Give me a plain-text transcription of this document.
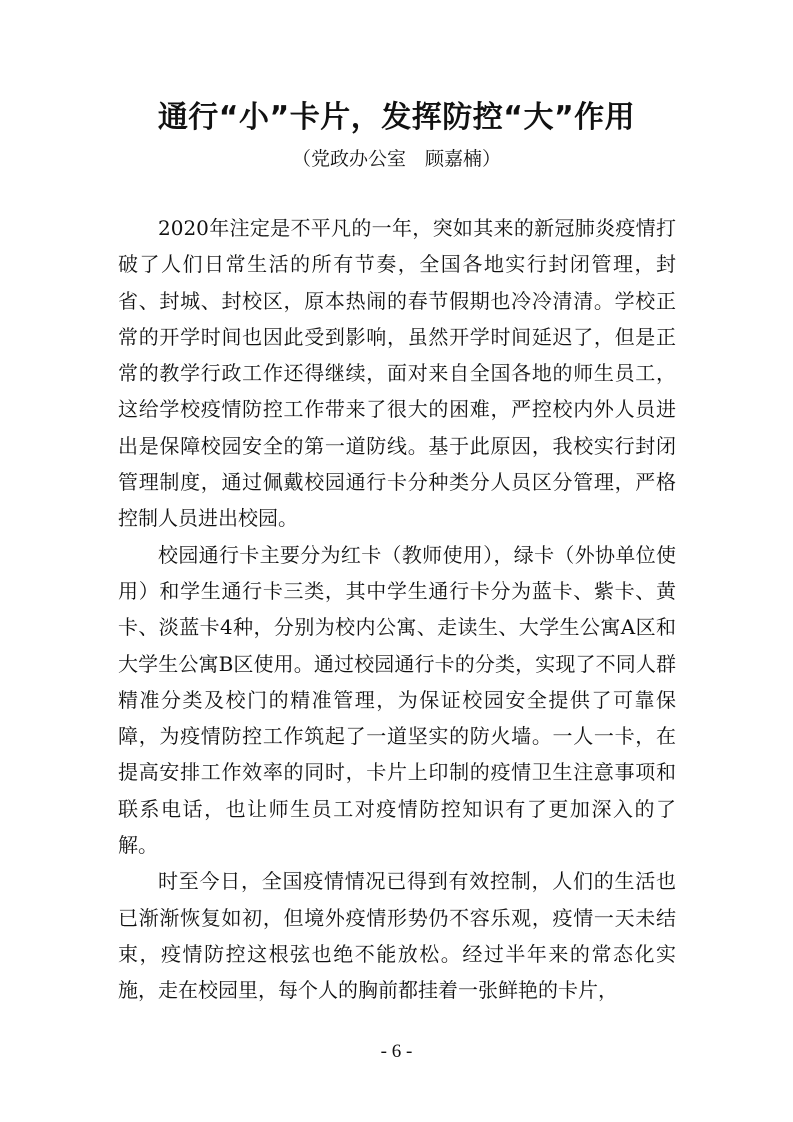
通行“小”卡片，发挥防控“大”作用

（党政办公室　顾嘉楠）

2020年注定是不平凡的一年，突如其来的新冠肺炎疫情打破了人们日常生活的所有节奏，全国各地实行封闭管理，封省、封城、封校区，原本热闹的春节假期也冷冷清清。学校正常的开学时间也因此受到影响，虽然开学时间延迟了，但是正常的教学行政工作还得继续，面对来自全国各地的师生员工，这给学校疫情防控工作带来了很大的困难，严控校内外人员进出是保障校园安全的第一道防线。基于此原因，我校实行封闭管理制度，通过佩戴校园通行卡分种类分人员区分管理，严格控制人员进出校园。

校园通行卡主要分为红卡（教师使用），绿卡（外协单位使用）和学生通行卡三类，其中学生通行卡分为蓝卡、紫卡、黄卡、淡蓝卡4种，分别为校内公寓、走读生、大学生公寓A区和大学生公寓B区使用。通过校园通行卡的分类，实现了不同人群精准分类及校门的精准管理，为保证校园安全提供了可靠保障，为疫情防控工作筑起了一道坚实的防火墙。一人一卡，在提高安排工作效率的同时，卡片上印制的疫情卫生注意事项和联系电话，也让师生员工对疫情防控知识有了更加深入的了解。

时至今日，全国疫情情况已得到有效控制，人们的生活也已渐渐恢复如初，但境外疫情形势仍不容乐观，疫情一天未结束，疫情防控这根弦也绝不能放松。经过半年来的常态化实施，走在校园里，每个人的胸前都挂着一张鲜艳的卡片，

- 6 -
